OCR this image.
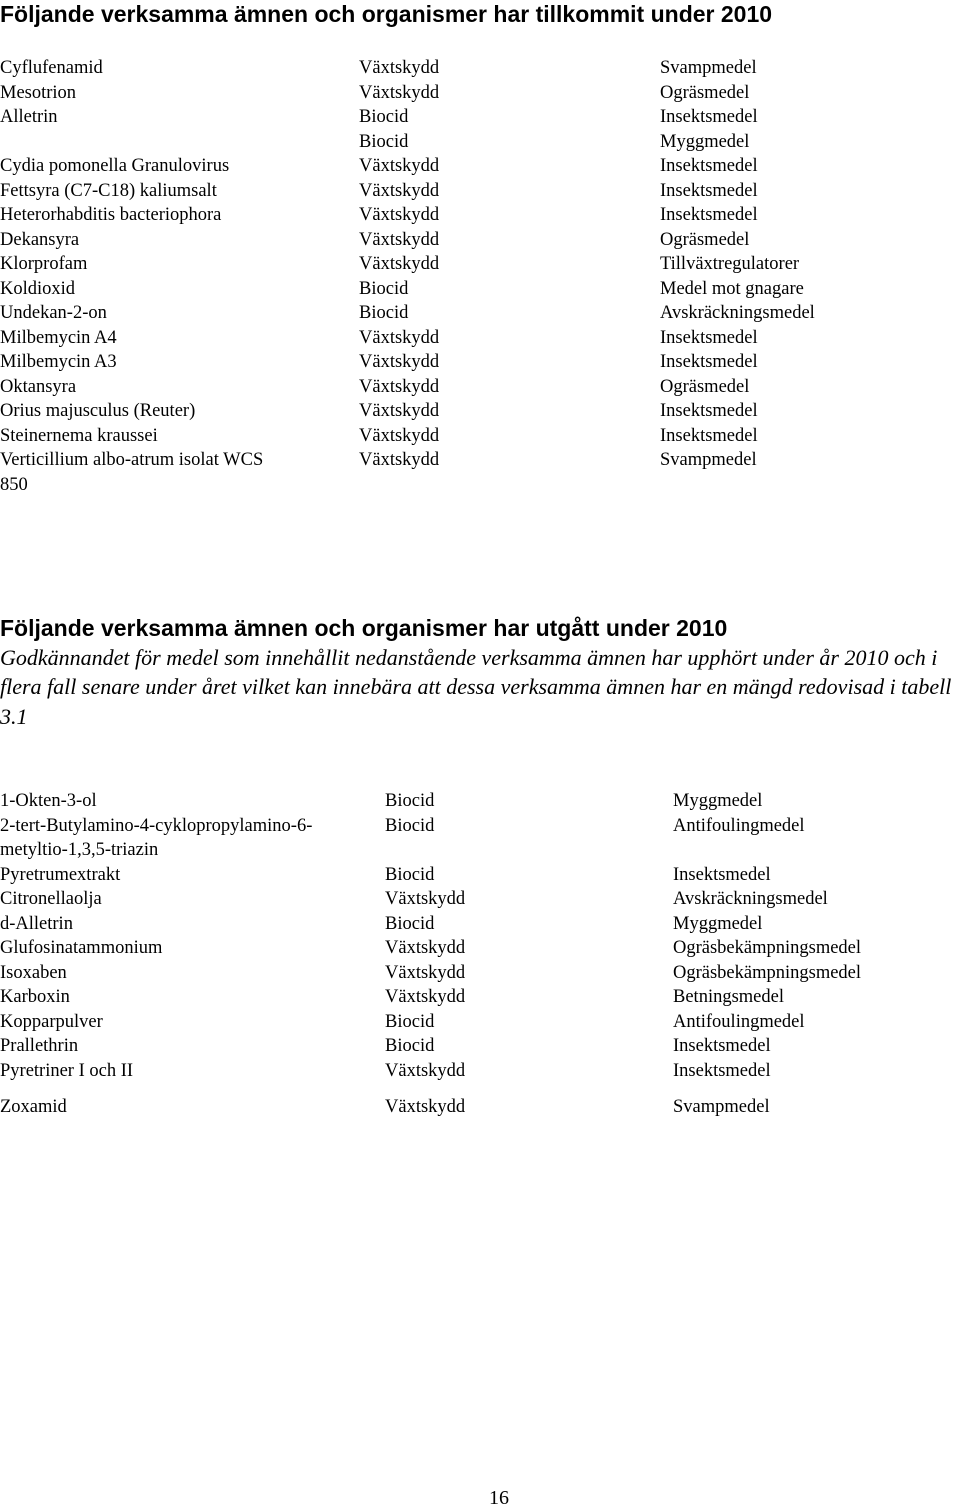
Följande verksamma ämnen och organismer har tillkommit under 2010
Cyflufenamid	Växtskydd	Svampmedel
Mesotrion	Växtskydd	Ogräsmedel
Alletrin	Biocid	Insektsmedel
	Biocid	Myggmedel
Cydia pomonella Granulovirus	Växtskydd	Insektsmedel
Fettsyra (C7-C18) kaliumsalt	Växtskydd	Insektsmedel
Heterorhabditis bacteriophora	Växtskydd	Insektsmedel
Dekansyra	Växtskydd	Ogräsmedel
Klorprofam	Växtskydd	Tillväxtregulatorer
Koldioxid	Biocid	Medel mot gnagare
Undekan-2-on	Biocid	Avskräckningsmedel
Milbemycin A4	Växtskydd	Insektsmedel
Milbemycin A3	Växtskydd	Insektsmedel
Oktansyra	Växtskydd	Ogräsmedel
Orius majusculus (Reuter)	Växtskydd	Insektsmedel
Steinernema kraussei	Växtskydd	Insektsmedel
Verticillium albo-atrum isolat WCS	Växtskydd	Svampmedel
850		
Följande verksamma ämnen och organismer har utgått under 2010

Godkännandet för medel som innehållit nedanstående verksamma ämnen har upphört under år 2010 och i flera fall senare under året vilket kan innebära att dessa verksamma ämnen har en mängd redovisad i tabell 3.1

1-Okten-3-ol	Biocid	Myggmedel
2-tert-Butylamino-4-cyklopropylamino-6-	Biocid	Antifoulingmedel
metyltio-1,3,5-triazin		
Pyretrumextrakt	Biocid	Insektsmedel
Citronellaolja	Växtskydd	Avskräckningsmedel
d-Alletrin	Biocid	Myggmedel
Glufosinatammonium	Växtskydd	Ogräsbekämpningsmedel
Isoxaben	Växtskydd	Ogräsbekämpningsmedel
Karboxin	Växtskydd	Betningsmedel
Kopparpulver	Biocid	Antifoulingmedel
Prallethrin	Biocid	Insektsmedel
Pyretriner I och II	Växtskydd	Insektsmedel
Zoxamid	Växtskydd	Svampmedel
16
